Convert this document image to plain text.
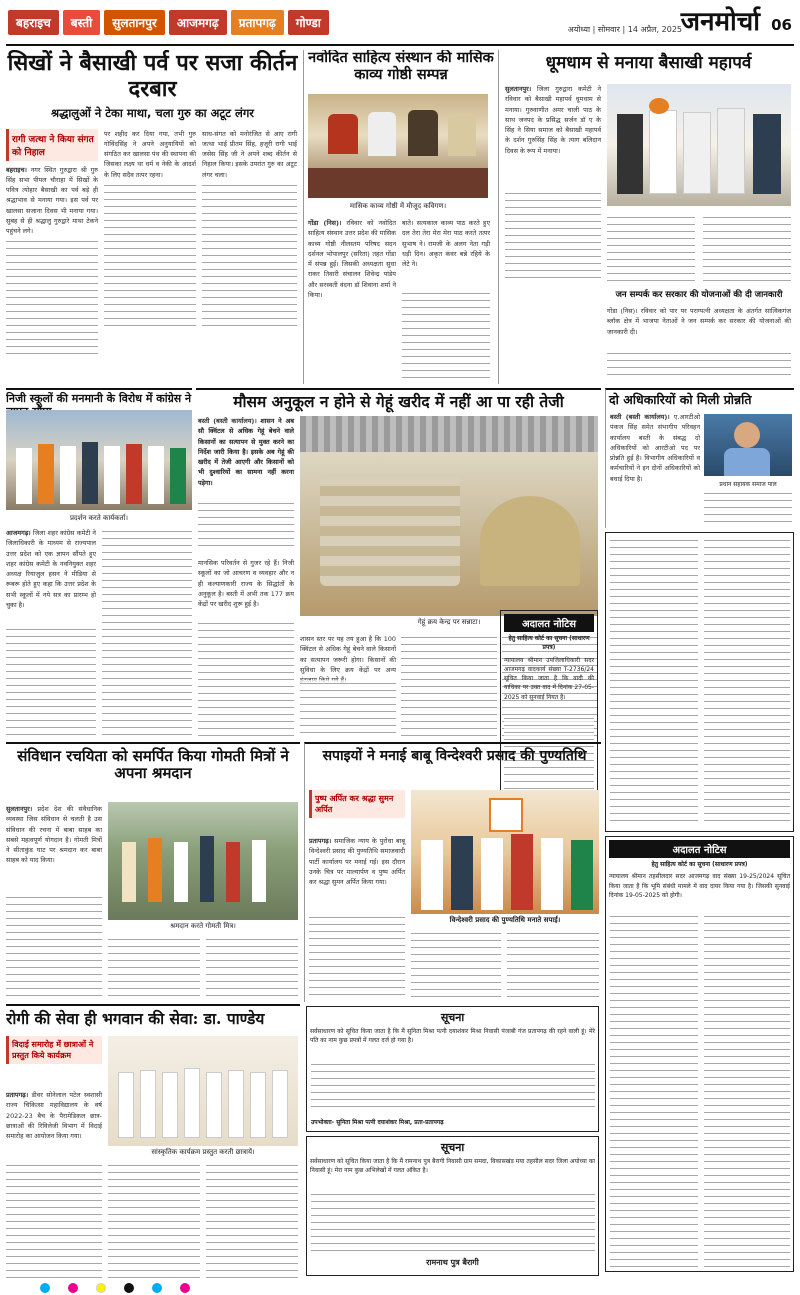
बहराइच	बस्ती	सुलतानपुर	आजमगढ़	प्रतापगढ़	गोण्डा	अयोध्या | सोमवार | 14 अप्रैल, 2025
जनमोर्चा 06
सिखों ने बैसाखी पर्व पर सजा कीर्तन दरबार
श्रद्धालुओं ने टेका माथा, चला गुरु का अटूट लंगर
रागी जत्था ने किया संगत को निहाल
बहराइच। नगर स्थित गुरुद्वारा श्री गुरु सिंह सभा पीपल चौराहा में सिखों के पवित्र त्योहार बैसाखी का पर्व बड़े ही श्रद्धाभाव से मनाया गया। इस पर्व पर खालसा सजाना दिवस भी मनाया गया। सुबह से ही श्रद्धालु गुरुद्वारे माथा टेकने पहुंचने लगे।
पर शहीद कर दिया गया, तभी गुरु गोविंदसिंह ने अपने अनुयायियों को संगठित कर खालसा पंथ की स्थापना की जिसका लक्ष्य था धर्म व नेकी के आदर्श के लिए सदैव तत्पर रहना।
साध-संगत को मनोरंजित से आए रागी जत्था भाई प्रीतम सिंह, हजूरी रागी भाई जसेस सिंह जी ने अपने शब्द कीर्तन से निहाल किया। इसके उपरांत गुरु का अटूट लंगर चला।
नवोदित साहित्य संस्थान की मासिक काव्य गोष्ठी सम्पन्न
मासिक काव्य गोष्ठी में मौजूद कविगण।
गोंडा (निस)। रविवार को नवोदित साहित्य संस्थान उत्तर प्रदेश की मासिक काव्य गोष्ठी नीलस्तम परिषद सदन दर्शनल भोपालपुर (सरिता) तहत गोंडा में संपन्न हुई। जिसकी अध्यक्षता सुधा राकर तिवारी संचालन शिवेन्द्र पांडेय और सरस्वती वंदना डॉ शिवाना शर्मा ने किया।
बाते। सत्यकाल काव्य पाठ करते हुए दल तेरा तेरा मेरा मेरा पाठ करते तत्पर सुभाष ने। रामजी के अलग नेता गड़ी धड़ी दिन। अकृत कंवर बन्ने रहिये के लेटे ने।
धूमधाम से मनाया बैसाखी महापर्व
सुलतानपुर। जिला गुरुद्वारा कमेटी ने रविवार को बैसाखी महापर्व धूमधाम से मनाया। गुरुवाणीत अमर चाली पाठ के साथ जनपद के प्रसिद्ध सर्जन डॉ ए के सिंह ने सिया समाज को बैसाखी महापर्व के दर्शन गुरुसिंह सिंह के त्याग बलिदान दिवस के रूप में मनाया।
जन सम्पर्क कर सरकार की योजनाओं की दी जानकारी
गोंडा (निस)। रविवार को पार पर पराग्पत्नी अध्यक्षता के अंतर्गत सात्विकगंज ब्लॉक क्षेत्र में भाजपा नेताओं ने जन सम्पर्क कर सरकार की योजनाओं की जानकारी दी।
निजी स्कूलों की मनमानी के विरोध में कांग्रेस ने
प्रदर्शन करते कार्यकर्ता।
आजमगढ़। जिला शहर कांग्रेस कमेटी ने जिलाधिकारी के माध्यम से राज्यपाल उत्तर प्रदेश को एक ज्ञापन सौंपते हुए शहर कांग्रेस कमेटी के नवनियुक्त शहर अध्यक्ष रियाजुल हसन ने मीडिया से रूबरू होते हुए कहा कि उत्तर प्रदेश के सभी स्कूलों में नये सत्र का प्रारम्भ हो चुका है।
मौसम अनुकूल न होने से गेहूं खरीद में नहीं आ पा रही तेजी
बस्ती (बस्ती कार्यालय)। शासन ने अब सौ क्विंटल से अधिक गेहूं बेचने वाले किसानों का सत्यापन से मुक्त करने का निर्देश जारी किया है। इसके अब गेहूं की खरीद में तेजी आएगी और किसानों को भी दुश्वारियों का सामना नहीं करना पड़ेगा।
मानसिक परिवर्तन से गुजर रहे हैं। निजी स्कूलों का जो आचरण व व्यवहार और न ही कल्याणकारी राज्य के सिद्धांतों के अनुकूल है। बस्ती में अभी तक 177 क्रय केंद्रों पर खरीद शुरू हुई है।
गेहूं क्रय केन्द्र पर सन्नाटा।
शासन स्तर पर यह तय हुआ है कि 100 क्विंटल से अधिक गेहूं बेचने वाले किसानों का सत्यापन जरूरी होगा। किसानों की सुविधा के लिए क्रय केंद्रों पर अन्य
दो अधिकारियों को मिली प्रोन्नति
बस्ती (बस्ती कार्यालय)। ए.आरटीओ पंकज सिंह समेत संभागीय परिवहन कार्यालय बस्ती के संबद्ध दो अधिकारियों को आरटीओ पद पर प्रोन्नति हुई है। विभागीय अधिकारियों व कर्मचारियों ने इन दोनों अधिकारियों को बधाई दिया है।
प्रधान सहायक समाज पाल
अदालत नोटिस
हेतु साहित्य कोर्ट का सूचना (साधारण प्रपत्र)
न्यायालय श्रीमान उपजिलाधिकारी सदर आजमगढ़ वादकार्य संख्या T-2736/24 सूचित किया जाता है कि वादी की याचिका पर उक्त वाद में दिनांक 27-05-2025 को सुनवाई नियत है।
अदालत नोटिस
हेतु साहित्य कोर्ट का सूचना (साधारण प्रपत्र)
न्यायालय श्रीमान तहसीलदार सदर आजमगढ़ वाद संख्या 19-25/2024 सूचित किया जाता है कि भूमि संबंधी मामले में वाद दायर किया गया है। जिसकी सुनवाई दिनांक 19-05-2025 को होगी।
संविधान रचयिता को समर्पित किया गोमती मित्रों ने अपना श्रमदान
सुलतानपुर। प्रदेश देश की संवैधानिक व्यवस्था जिस संविधान से चलती है उस संविधान की रचना में बाबा साहब का सबसे महत्वपूर्ण योगदान है। गोमती मित्रों ने सीताकुंड घाट पर श्रमदान कर बाबा साहब को याद किया।
श्रमदान करते गोमती मित्र।
सपाइयों ने मनाई बाबू विन्देश्वरी प्रसाद की पुण्यतिथि
पुष्प अर्पित कर श्रद्धा सुमन अर्पित
प्रतापगढ़। समाजिक न्याय के पुरोधा बाबू विन्देश्वरी प्रसाद की पुण्यतिथि समाजवादी पार्टी कार्यालय पर मनाई गई। इस दौरान उनके चित्र पर माल्यार्पण व पुष्प अर्पित कर श्रद्धा सुमन अर्पित किया गया।
विन्देश्वरी प्रसाद की पुण्यतिथि मनाते सपाई।
रोगी की सेवा ही भगवान की सेवा: डा. पाण्डेय
विदाई समारोह में छात्राओं ने प्रस्तुत किये कार्यक्रम
प्रतापगढ़। डीवर सोनेलाल पटेल स्वशासी राज्य चिकित्सा महाविद्यालय के वर्ष 2022-23 बैच के पैरामेडिकल छात्र-छात्राओं की रिविलेजी विभाग में विदाई समारोह का आयोजन किया गया।
सांस्कृतिक कार्यक्रम प्रस्तुत करती छात्रायें।
सूचना
सर्वसाधारण को सूचित किया जाता है कि मैं सुनिता मिश्रा पत्नी दयाशंकर मिश्रा निवासी पंजाबी गंज प्रतापगढ़ की रहने वाली हूं। मेरे पति का नाम कुछ प्रपत्रों में गलत दर्ज हो गया है।
उपभोक्ता- सुनिता मिश्रा पत्नी दयाशंकर मिश्रा, प्रता-प्रतापगढ़
सूचना
सर्वसाधारण को सूचित किया जाता है कि मैं रामनाथ पुत्र बैरागी निवासी ग्राम समदा, विकासखंड मया तहसील सदर जिला अयोध्या का निवासी हूं। मेरा नाम कुछ अभिलेखों में गलत अंकित है।
रामनाथ पुत्र बैरागी
